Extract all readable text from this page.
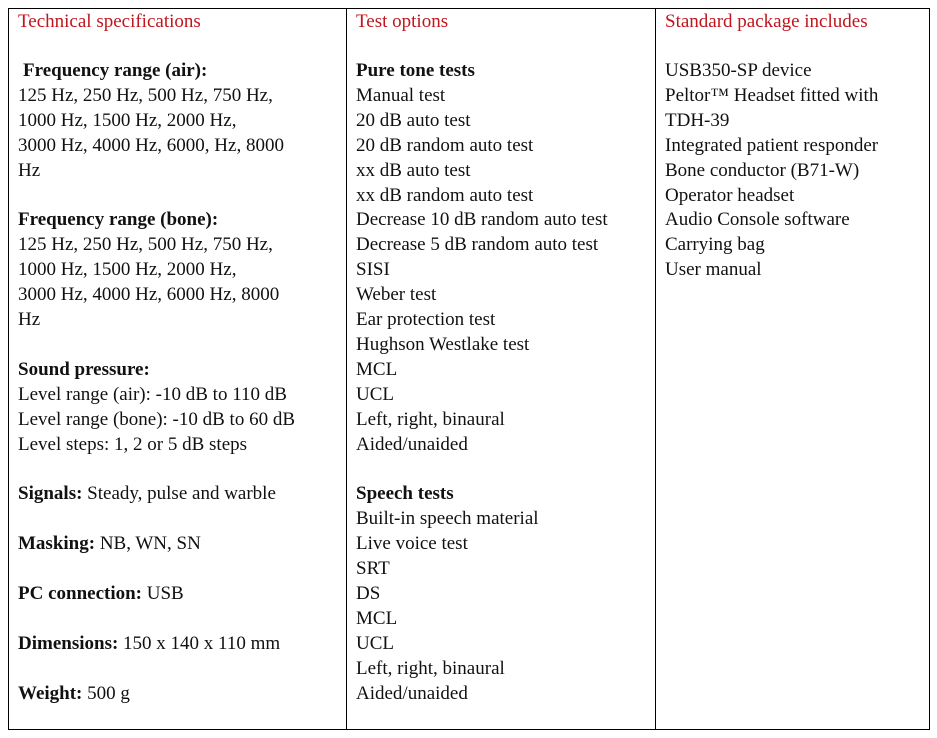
Technical specifications
Frequency range (air):
125 Hz, 250 Hz, 500 Hz, 750 Hz,
1000 Hz, 1500 Hz, 2000 Hz,
3000 Hz, 4000 Hz, 6000, Hz, 8000
Hz
Frequency range (bone):
125 Hz, 250 Hz, 500 Hz, 750 Hz,
1000 Hz, 1500 Hz, 2000 Hz,
3000 Hz, 4000 Hz, 6000 Hz, 8000
Hz
Sound pressure:
Level range (air): -10 dB to 110 dB
Level range (bone): -10 dB to 60 dB
Level steps: 1, 2 or 5 dB steps
Signals: Steady, pulse and warble
Masking: NB, WN, SN
PC connection: USB
Dimensions: 150 x 140 x 110 mm
Weight: 500 g

Test options
Pure tone tests
Manual test
20 dB auto test
20 dB random auto test
xx dB auto test
xx dB random auto test
Decrease 10 dB random auto test
Decrease 5 dB random auto test
SISI
Weber test
Ear protection test
Hughson Westlake test
MCL
UCL
Left, right, binaural
Aided/unaided
Speech tests
Built-in speech material
Live voice test
SRT
DS
MCL
UCL
Left, right, binaural
Aided/unaided

Standard package includes
USB350-SP device
Peltor™ Headset fitted with
TDH-39
Integrated patient responder
Bone conductor (B71-W)
Operator headset
Audio Console software
Carrying bag
User manual
